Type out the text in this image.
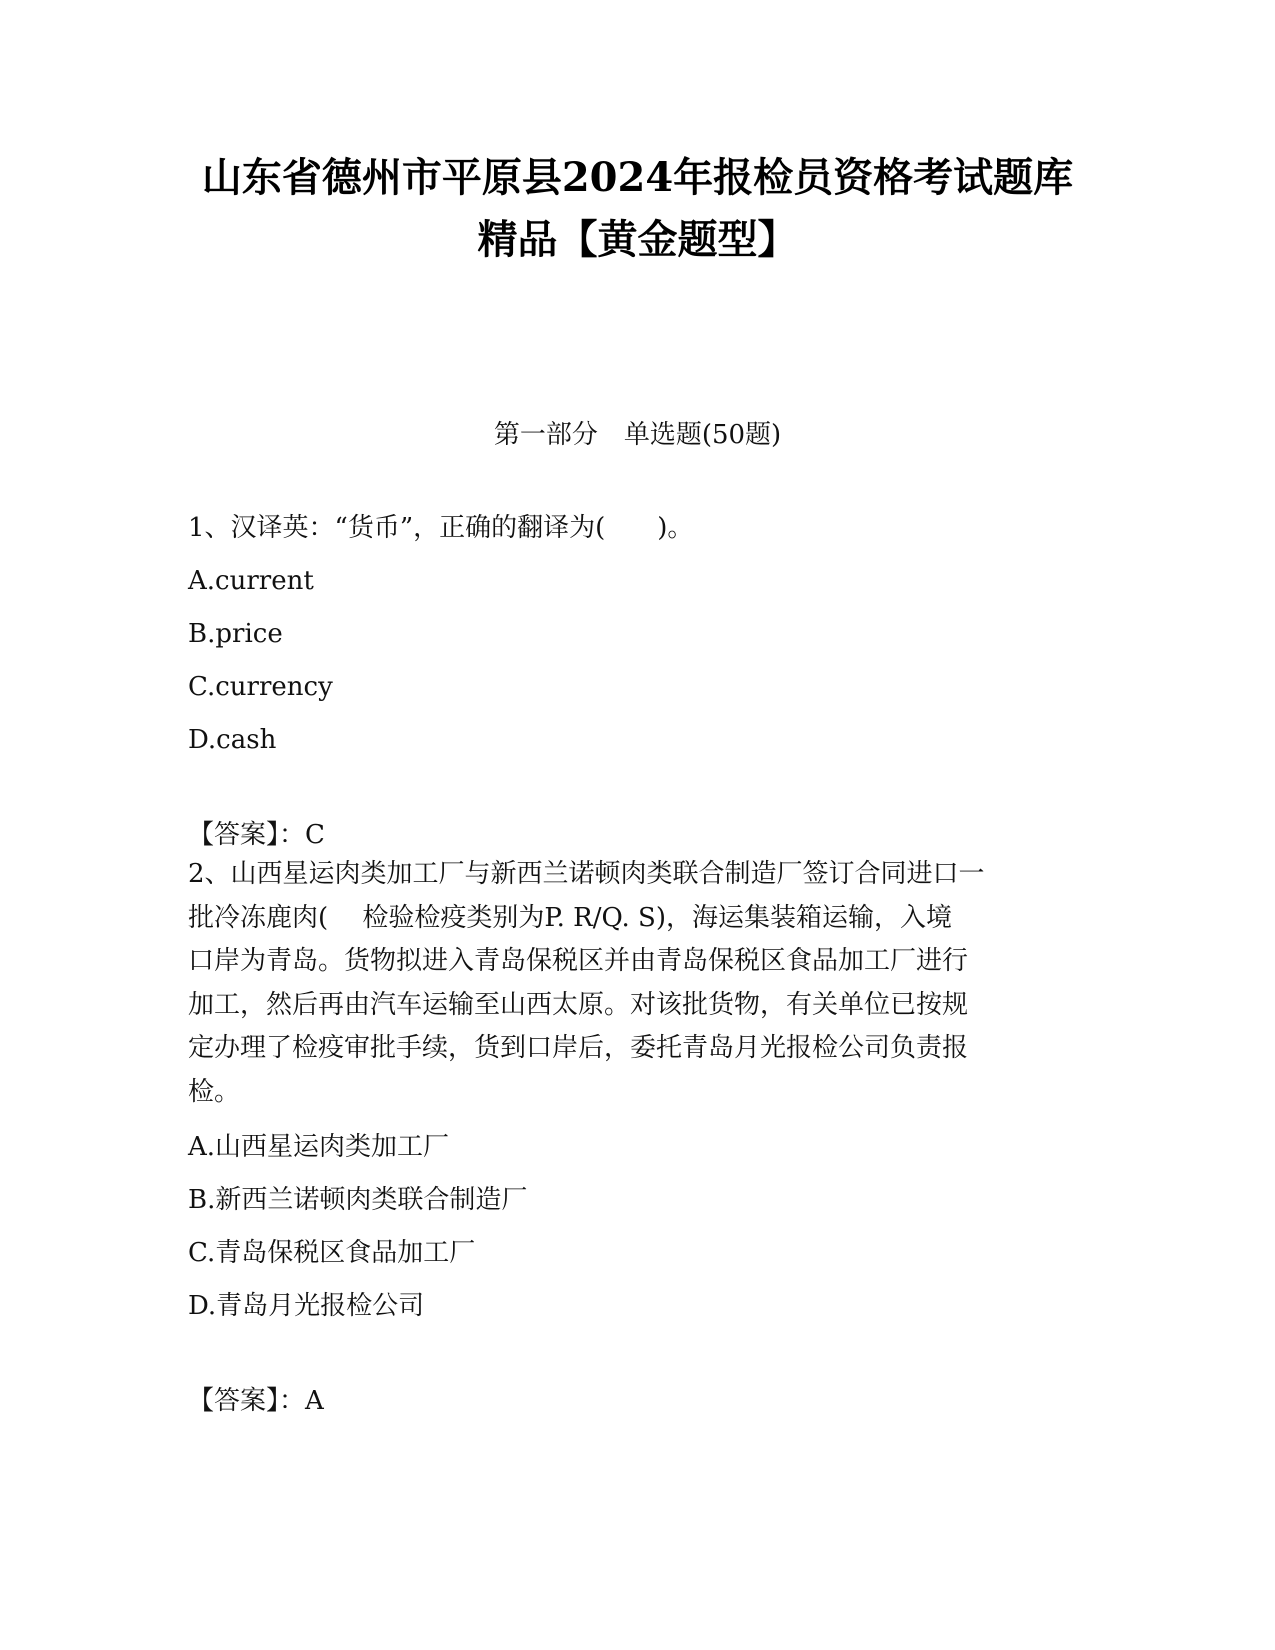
山东省德州市平原县2024年报检员资格考试题库
精品【黄金题型】
第一部分　单选题(50题)
1、汉译英：“货币”，正确的翻译为(　　)。
A.current
B.price
C.currency
D.cash
【答案】：C
2、山西星运肉类加工厂与新西兰诺顿肉类联合制造厂签订合同进口一
批冷冻鹿肉(　 检验检疫类别为P. R/Q. S)，海运集装箱运输，入境
口岸为青岛。货物拟进入青岛保税区并由青岛保税区食品加工厂进行
加工，然后再由汽车运输至山西太原。对该批货物，有关单位已按规
定办理了检疫审批手续，货到口岸后，委托青岛月光报检公司负责报
检。
A.山西星运肉类加工厂
B.新西兰诺顿肉类联合制造厂
C.青岛保税区食品加工厂
D.青岛月光报检公司
【答案】：A
